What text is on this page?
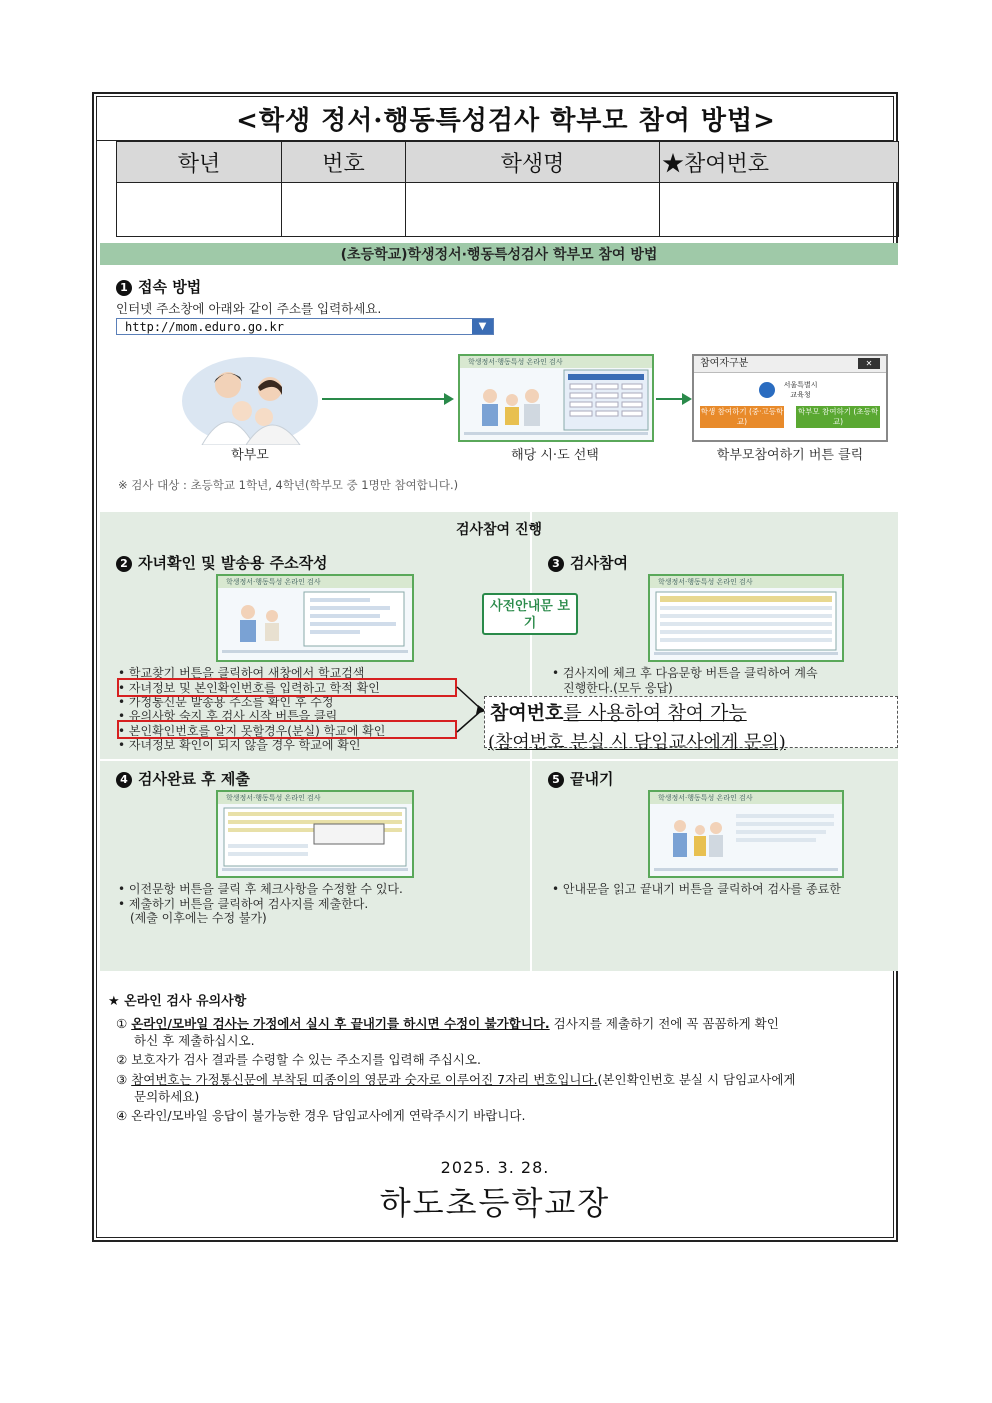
<학생 정서·행동특성검사 학부모 참여 방법>
학년	번호	학생명	★참여번호

(초등학교)학생정서·행동특성검사 학부모 참여 방법
1 접속 방법
인터넷 주소창에 아래와 같이 주소를 입력하세요.
http://mom.eduro.go.kr	▼
학부모
학생정서·행동특성 온라인 검사
해당 시·도 선택
참여자구분	✕
서울특별시 교육청
학생 참여하기 (중·고등학교)
학부모 참여하기 (초등학교)
학부모참여하기 버튼 클릭
※ 검사 대상 : 초등학교 1학년, 4학년(학부모 중 1명만 참여합니다.)
검사참여 진행
2 자녀확인 및 발송용 주소작성
학생정서·행동특성 온라인 검사
사전안내문 보기
• 학교찾기 버튼을 클릭하여 새창에서 학교검색
• 자녀정보 및 본인확인번호를 입력하고 학적 확인
• 가정통신문 발송용 주소를 확인 후 수정
• 유의사항 숙지 후 검사 시작 버튼을 클릭
• 본인확인번호를 알지 못할경우(분실) 학교에 확인
• 자녀정보 확인이 되지 않을 경우 학교에 확인
3 검사참여
학생정서·행동특성 온라인 검사
• 검사지에 체크 후 다음문항 버튼을 클릭하여 계속
진행한다.(모두 응답)
참여번호를 사용하여 참여 가능
(참여번호 분실 시 담임교사에게 문의)
4 검사완료 후 제출
학생정서·행동특성 온라인 검사
• 이전문항 버튼을 클릭 후 체크사항을 수정할 수 있다.
• 제출하기 버튼을 클릭하여 검사지를 제출한다.
(제출 이후에는 수정 불가)
5 끝내기
학생정서·행동특성 온라인 검사
• 안내문을 읽고 끝내기 버튼을 클릭하여 검사를 종료한
★ 온라인 검사 유의사항
① 온라인/모바일 검사는 가정에서 실시 후 끝내기를 하시면 수정이 불가합니다. 검사지를 제출하기 전에 꼭 꼼꼼하게 확인
하신 후 제출하십시오.
② 보호자가 검사 결과를 수령할 수 있는 주소지를 입력해 주십시오.
③ 참여번호는 가정통신문에 부착된 띠종이의 영문과 숫자로 이루어진 7자리 번호입니다.(본인확인번호 분실 시 담임교사에게
문의하세요)
④ 온라인/모바일 응답이 불가능한 경우 담임교사에게 연락주시기 바랍니다.
2025. 3. 28.
하도초등학교장
